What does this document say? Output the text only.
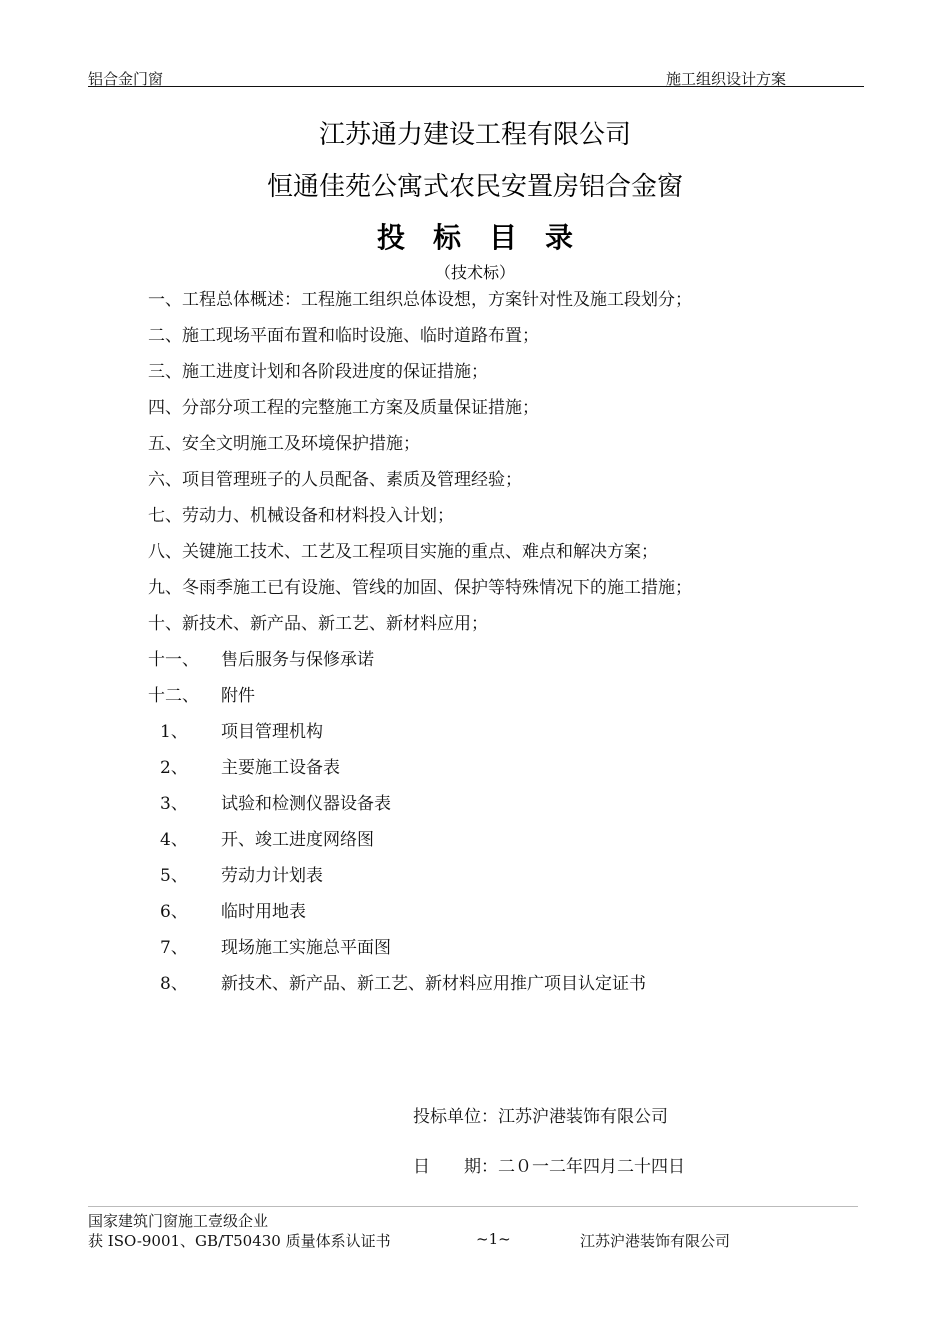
铝合金门窗	施工组织设计方案
江苏通力建设工程有限公司
恒通佳苑公寓式农民安置房铝合金窗
投标目录
（技术标）
一、工程总体概述：工程施工组织总体设想，方案针对性及施工段划分；
二、施工现场平面布置和临时设施、临时道路布置；
三、施工进度计划和各阶段进度的保证措施；
四、分部分项工程的完整施工方案及质量保证措施；
五、安全文明施工及环境保护措施；
六、项目管理班子的人员配备、素质及管理经验；
七、劳动力、机械设备和材料投入计划；
八、关键施工技术、工艺及工程项目实施的重点、难点和解决方案；
九、冬雨季施工已有设施、管线的加固、保护等特殊情况下的施工措施；
十、新技术、新产品、新工艺、新材料应用；
十一、 售后服务与保修承诺
十二、 附件
1、 项目管理机构
2、 主要施工设备表
3、 试验和检测仪器设备表
4、 开、竣工进度网络图
5、 劳动力计划表
6、 临时用地表
7、 现场施工实施总平面图
8、 新技术、新产品、新工艺、新材料应用推广项目认定证书
投标单位：江苏沪港装饰有限公司
日　　期：二０一二年四月二十四日
国家建筑门窗施工壹级企业
获 ISO-9001、GB/T50430 质量体系认证书	~1~	江苏沪港装饰有限公司
